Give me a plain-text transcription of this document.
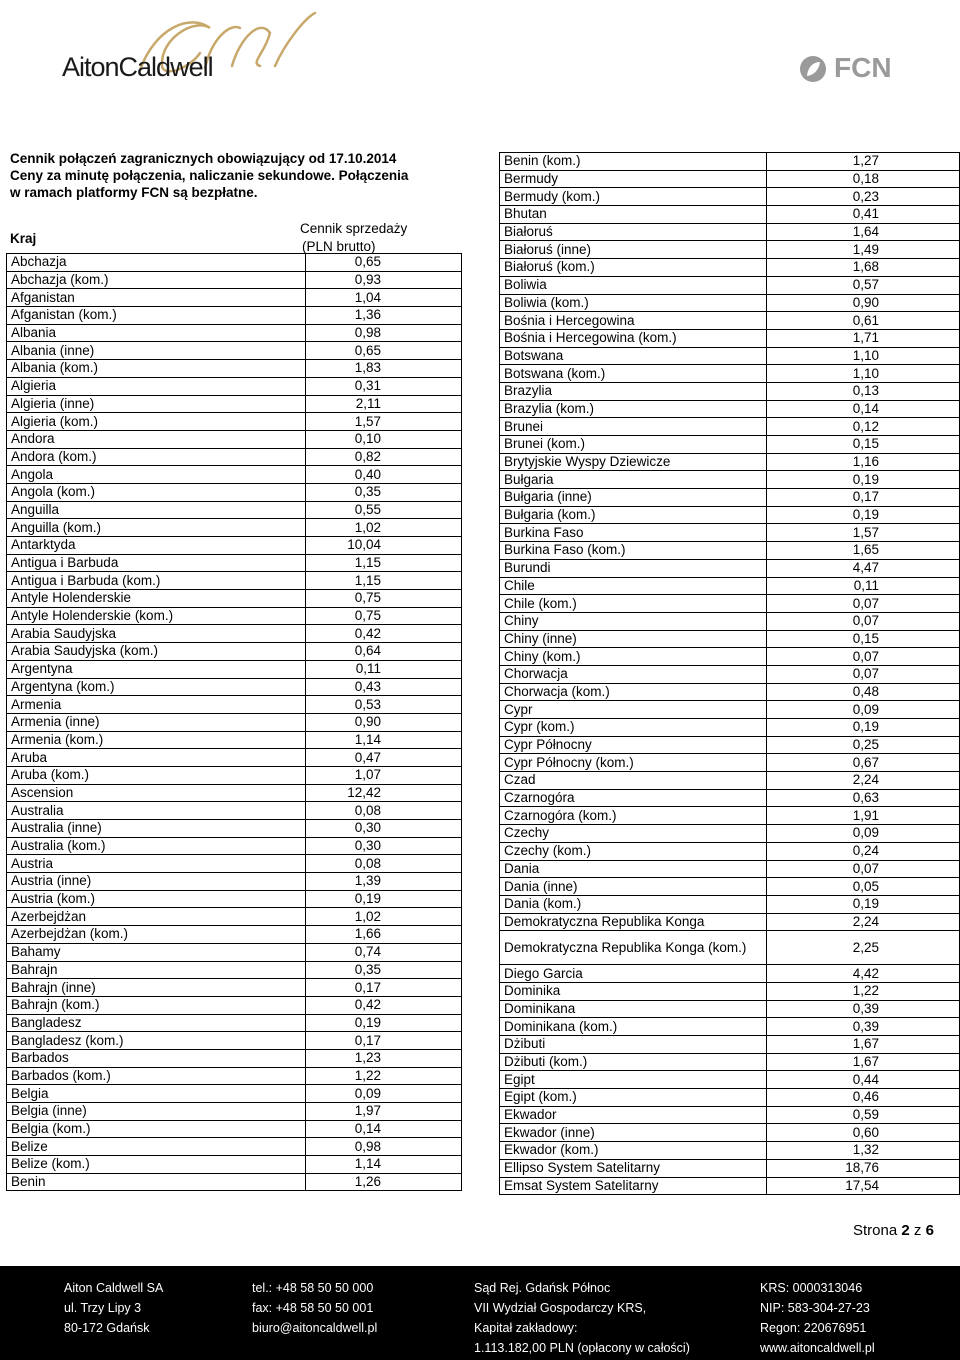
AitonCaldwell	FCN
Cennik połączeń zagranicznych obowiązujący od 17.10.2014
Ceny za minutę połączenia, naliczanie sekundowe. Połączenia
w ramach platformy FCN są bezpłatne.
Kraj
Cennik sprzedaży
(PLN brutto)
Abchazja	0,65
Abchazja (kom.)	0,93
Afganistan	1,04
Afganistan (kom.)	1,36
Albania	0,98
Albania (inne)	0,65
Albania (kom.)	1,83
Algieria	0,31
Algieria (inne)	2,11
Algieria (kom.)	1,57
Andora	0,10
Andora (kom.)	0,82
Angola	0,40
Angola (kom.)	0,35
Anguilla	0,55
Anguilla (kom.)	1,02
Antarktyda	10,04
Antigua i Barbuda	1,15
Antigua i Barbuda (kom.)	1,15
Antyle Holenderskie	0,75
Antyle Holenderskie (kom.)	0,75
Arabia Saudyjska	0,42
Arabia Saudyjska (kom.)	0,64
Argentyna	0,11
Argentyna (kom.)	0,43
Armenia	0,53
Armenia (inne)	0,90
Armenia (kom.)	1,14
Aruba	0,47
Aruba (kom.)	1,07
Ascension	12,42
Australia	0,08
Australia (inne)	0,30
Australia (kom.)	0,30
Austria	0,08
Austria (inne)	1,39
Austria (kom.)	0,19
Azerbejdżan	1,02
Azerbejdżan (kom.)	1,66
Bahamy	0,74
Bahrajn	0,35
Bahrajn (inne)	0,17
Bahrajn (kom.)	0,42
Bangladesz	0,19
Bangladesz (kom.)	0,17
Barbados	1,23
Barbados (kom.)	1,22
Belgia	0,09
Belgia (inne)	1,97
Belgia (kom.)	0,14
Belize	0,98
Belize (kom.)	1,14
Benin	1,26
Benin (kom.)	1,27
Bermudy	0,18
Bermudy (kom.)	0,23
Bhutan	0,41
Białoruś	1,64
Białoruś (inne)	1,49
Białoruś (kom.)	1,68
Boliwia	0,57
Boliwia (kom.)	0,90
Bośnia i Hercegowina	0,61
Bośnia i Hercegowina (kom.)	1,71
Botswana	1,10
Botswana (kom.)	1,10
Brazylia	0,13
Brazylia (kom.)	0,14
Brunei	0,12
Brunei (kom.)	0,15
Brytyjskie Wyspy Dziewicze	1,16
Bułgaria	0,19
Bułgaria (inne)	0,17
Bułgaria (kom.)	0,19
Burkina Faso	1,57
Burkina Faso (kom.)	1,65
Burundi	4,47
Chile	0,11
Chile (kom.)	0,07
Chiny	0,07
Chiny (inne)	0,15
Chiny (kom.)	0,07
Chorwacja	0,07
Chorwacja (kom.)	0,48
Cypr	0,09
Cypr (kom.)	0,19
Cypr Północny	0,25
Cypr Północny (kom.)	0,67
Czad	2,24
Czarnogóra	0,63
Czarnogóra (kom.)	1,91
Czechy	0,09
Czechy (kom.)	0,24
Dania	0,07
Dania (inne)	0,05
Dania (kom.)	0,19
Demokratyczna Republika Konga	2,24
Demokratyczna Republika Konga (kom.)	2,25
Diego Garcia	4,42
Dominika	1,22
Dominikana	0,39
Dominikana (kom.)	0,39
Dżibuti	1,67
Dżibuti (kom.)	1,67
Egipt	0,44
Egipt (kom.)	0,46
Ekwador	0,59
Ekwador (inne)	0,60
Ekwador (kom.)	1,32
Ellipso System Satelitarny	18,76
Emsat System Satelitarny	17,54
Strona 2 z 6
Aiton Caldwell SA
ul. Trzy Lipy 3
80-172 Gdańsk
tel.: +48 58 50 50 000
fax: +48 58 50 50 001
biuro@aitoncaldwell.pl
Sąd Rej. Gdańsk Północ
VII Wydział Gospodarczy KRS,
Kapitał zakładowy:
1.113.182,00 PLN (opłacony w całości)
KRS: 0000313046
NIP: 583-304-27-23
Regon: 220676951
www.aitoncaldwell.pl
